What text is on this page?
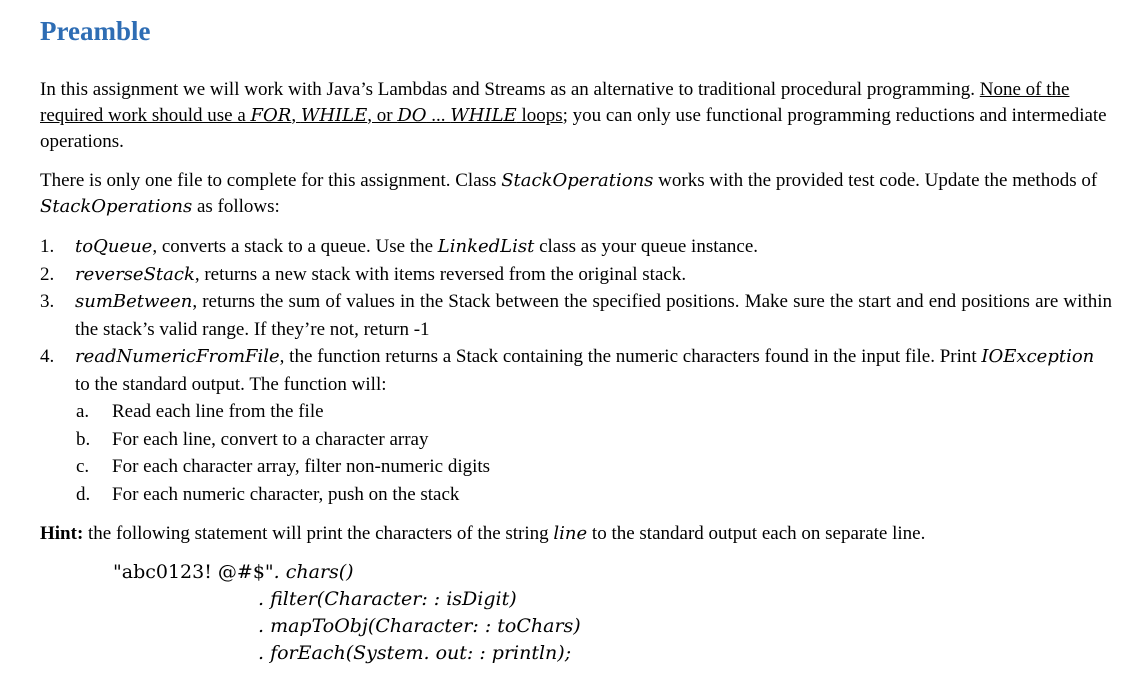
Preamble

In this assignment we will work with Java’s Lambdas and Streams as an alternative to traditional procedural programming. None of the required work should use a FOR, WHILE, or DO ... WHILE loops; you can only use functional programming reductions and intermediate operations.

There is only one file to complete for this assignment. Class StackOperations works with the provided test code. Update the methods of StackOperations as follows:

1. toQueue, converts a stack to a queue. Use the LinkedList class as your queue instance.
2. reverseStack, returns a new stack with items reversed from the original stack.
3. sumBetween, returns the sum of values in the Stack between the specified positions. Make sure the start and end positions are within the stack’s valid range. If they’re not, return -1
4. readNumericFromFile, the function returns a Stack containing the numeric characters found in the input file. Print IOException to the standard output. The function will:
a. Read each line from the file
b. For each line, convert to a character array
c. For each character array, filter non-numeric digits
d. For each numeric character, push on the stack

Hint: the following statement will print the characters of the string line to the standard output each on separate line.

"abc0123! @#$". chars()
. filter(Character: : isDigit)
. mapToObj(Character: : toChars)
. forEach(System. out: : println);
